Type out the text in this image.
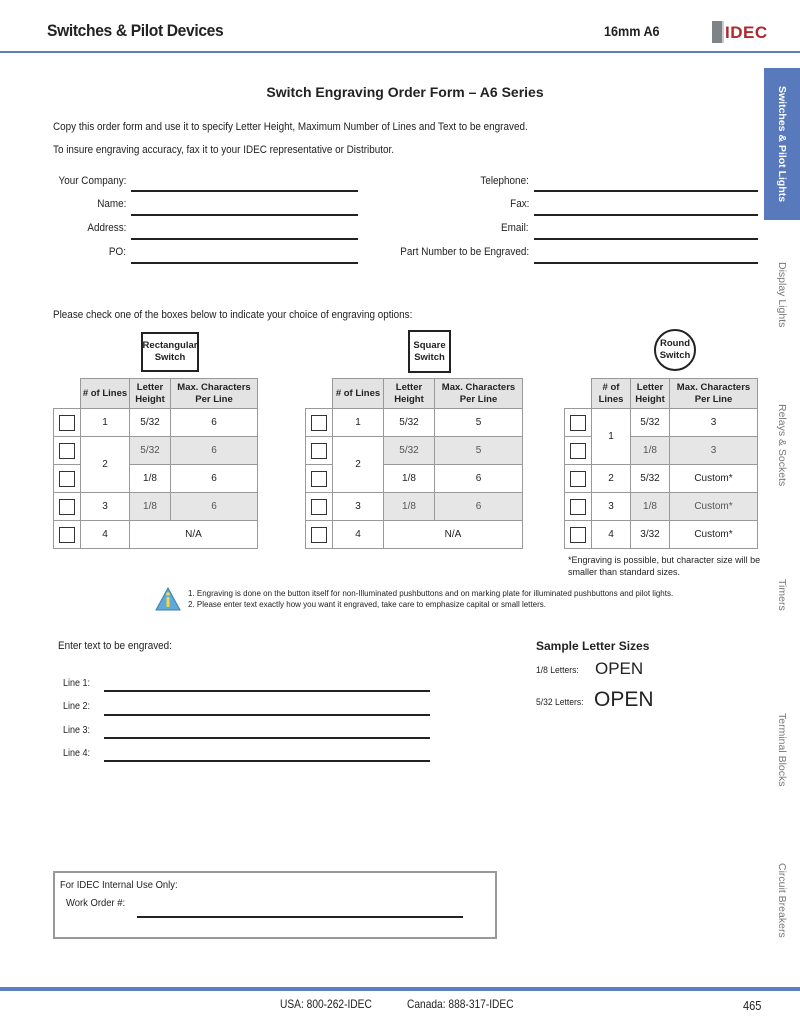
Switches & Pilot Devices	16mm A6	IDEC
Switches & Pilot Lights
Display Lights
Relays & Sockets
Timers
Terminal Blocks
Circuit Breakers
Switch Engraving Order Form – A6 Series
Copy this order form and use it to specify Letter Height, Maximum Number of Lines and Text to be engraved.
To insure engraving accuracy, fax it to your IDEC representative or Distributor.
Your Company:
Name:
Address:
PO:
Telephone:
Fax:
Email:
Part Number to be Engraved:
Please check one of the boxes below to indicate your choice of engraving options:
Rectangular
Switch
	# of Lines	Letter Height	Max. Characters Per Line
	1	5/32	6
	2	5/32	6
		1/8	6
	3	1/8	6
	4	N/A	
Square
Switch
	# of Lines	Letter Height	Max. Characters Per Line
	1	5/32	5
	2	5/32	5
		1/8	6
	3	1/8	6
	4	N/A	
Round
Switch
	# of Lines	Letter Height	Max. Characters Per Line
	1	5/32	3
		1/8	3
	2	5/32	Custom*
	3	1/8	Custom*
	4	3/32	Custom*
*Engraving is possible, but character size will be
smaller than standard sizes.
1. Engraving is done on the button itself for non-Illuminated pushbuttons and on marking plate for illuminated pushbuttons and pilot lights.
2. Please enter text exactly how you want it engraved, take care to emphasize capital or small letters.
Enter text to be engraved:
Line 1:
Line 2:
Line 3:
Line 4:
Sample Letter Sizes
1/8 Letters: OPEN
5/32 Letters: OPEN
For IDEC Internal Use Only:
Work Order #:
USA: 800-262-IDEC	Canada: 888-317-IDEC	465
